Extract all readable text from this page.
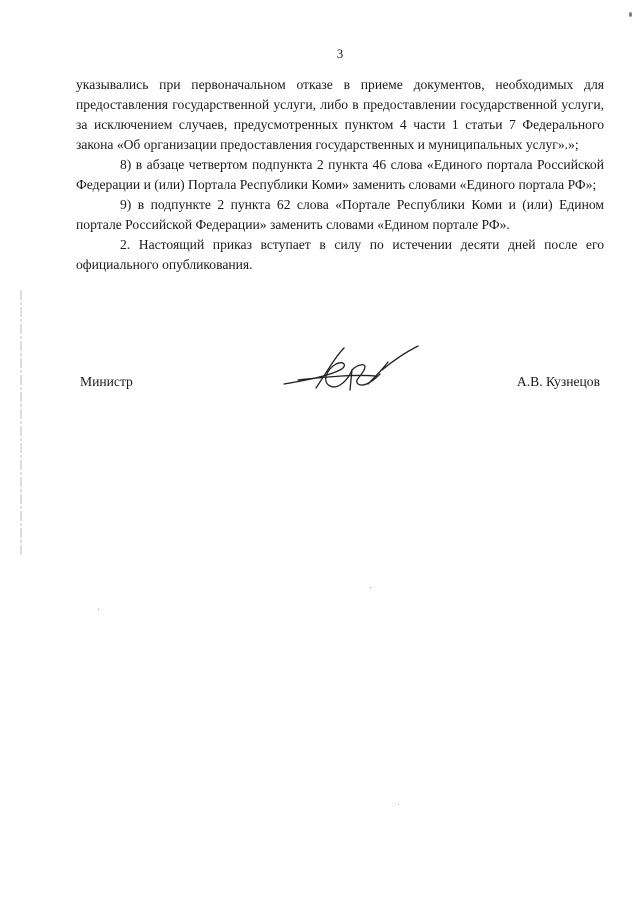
3

указывались при первоначальном отказе в приеме документов, необходимых для предоставления государственной услуги, либо в предоставлении государственной услуги, за исключением случаев, предусмотренных пунктом 4 части 1 статьи 7 Федерального закона «Об организации предоставления государственных и муниципальных услуг».»;

8) в абзаце четвертом подпункта 2 пункта 46 слова «Единого портала Российской Федерации и (или) Портала Республики Коми» заменить словами «Единого портала РФ»;

9) в подпункте 2 пункта 62 слова «Портале Республики Коми и (или) Едином портале Российской Федерации» заменить словами «Едином портале РФ».

2. Настоящий приказ вступает в силу по истечении десяти дней после его официального опубликования.

Министр	А.В. Кузнецов
